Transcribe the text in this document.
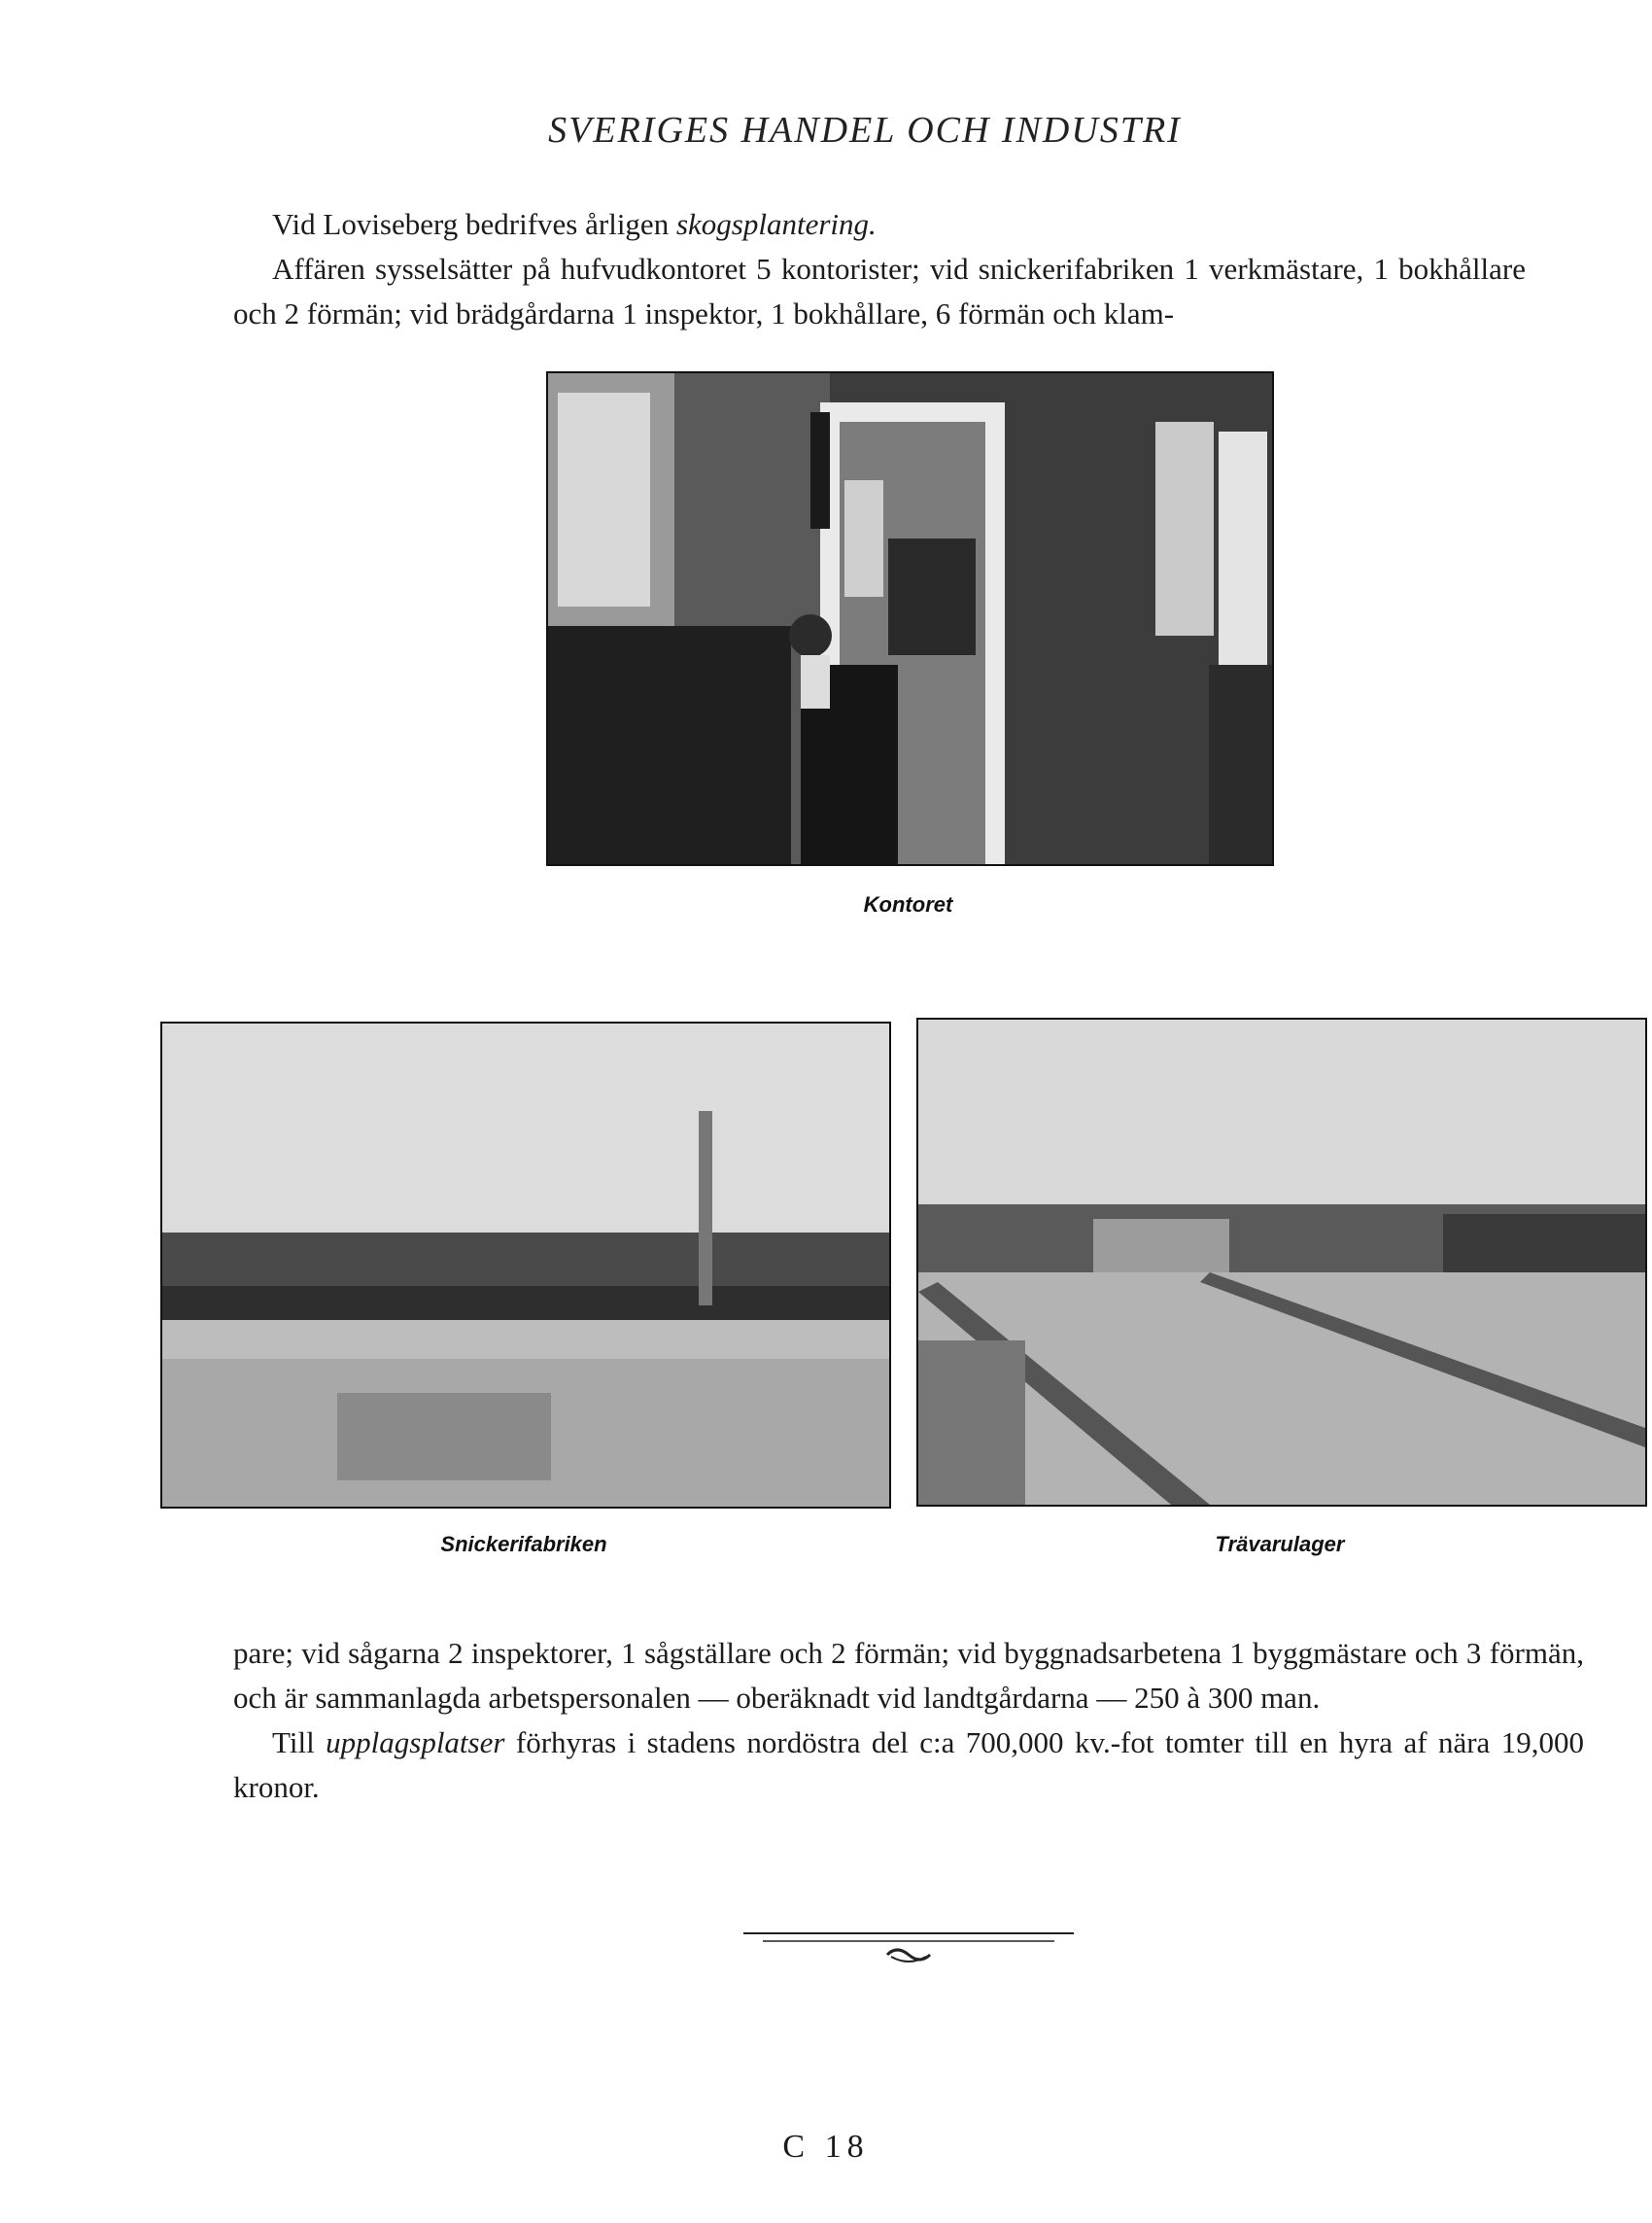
SVERIGES HANDEL OCH INDUSTRI
Vid Loviseberg bedrifves årligen skogsplantering.
Affären sysselsätter på hufvudkontoret 5 kontorister; vid snickerifabriken 1 verkmästare, 1 bokhållare och 2 förmän; vid brädgårdarna 1 inspektor, 1 bokhållare, 6 förmän och klam-
Kontoret
Snickerifabriken	Trävarulager
pare; vid sågarna 2 inspektorer, 1 sågställare och 2 förmän; vid byggnadsarbetena 1 byggmästare och 3 förmän, och är sammanlagda arbetspersonalen — oberäknadt vid landtgårdarna — 250 à 300 man.
Till upplagsplatser förhyras i stadens nordöstra del c:a 700,000 kv.-fot tomter till en hyra af nära 19,000 kronor.
C 18
